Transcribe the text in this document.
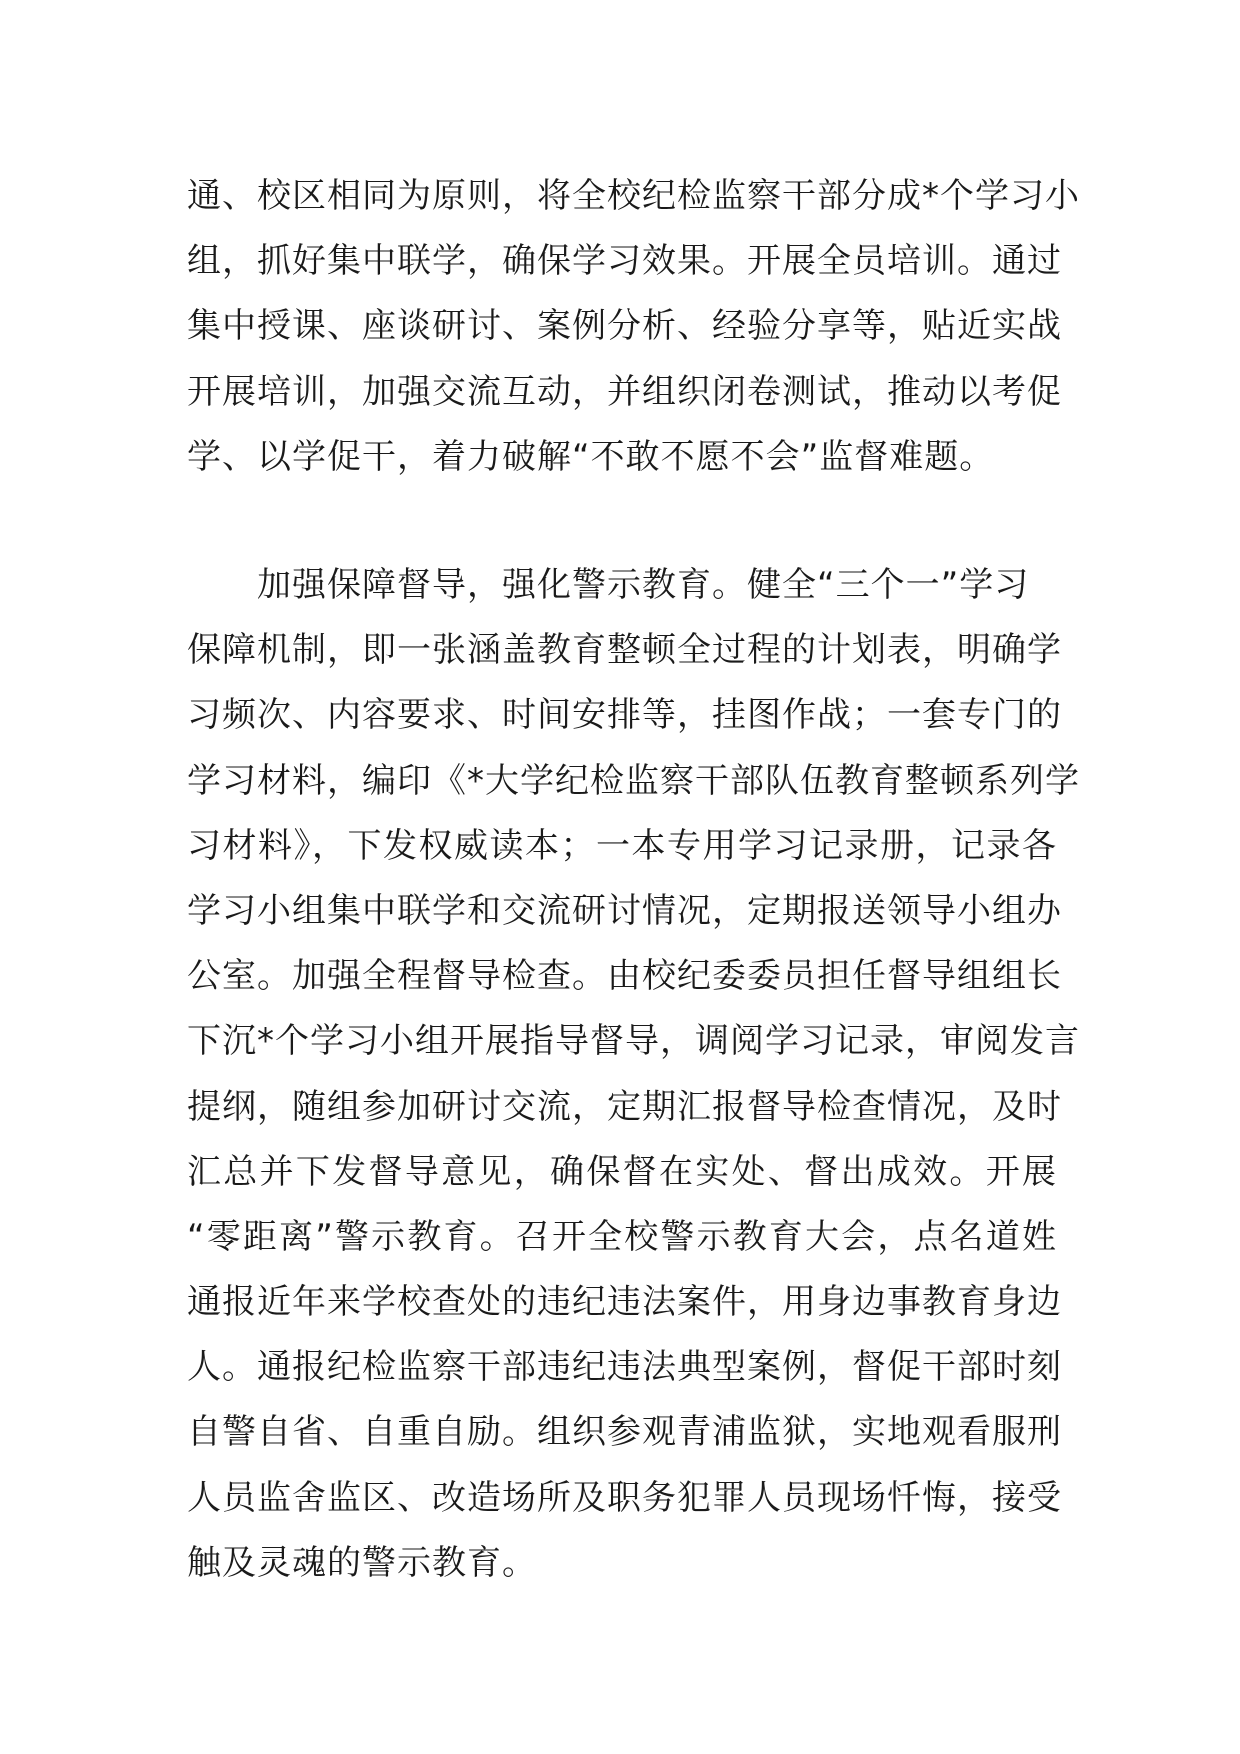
通、校区相同为原则，将全校纪检监察干部分成*个学习小
组，抓好集中联学，确保学习效果。开展全员培训。通过
集中授课、座谈研讨、案例分析、经验分享等，贴近实战
开展培训，加强交流互动，并组织闭卷测试，推动以考促
学、以学促干，着力破解“不敢不愿不会”监督难题。
　　加强保障督导，强化警示教育。健全“三个一”学习
保障机制，即一张涵盖教育整顿全过程的计划表，明确学
习频次、内容要求、时间安排等，挂图作战；一套专门的
学习材料，编印《*大学纪检监察干部队伍教育整顿系列学
习材料》，下发权威读本；一本专用学习记录册，记录各
学习小组集中联学和交流研讨情况，定期报送领导小组办
公室。加强全程督导检查。由校纪委委员担任督导组组长
下沉*个学习小组开展指导督导，调阅学习记录，审阅发言
提纲，随组参加研讨交流，定期汇报督导检查情况，及时
汇总并下发督导意见，确保督在实处、督出成效。开展
“零距离”警示教育。召开全校警示教育大会，点名道姓
通报近年来学校查处的违纪违法案件，用身边事教育身边
人。通报纪检监察干部违纪违法典型案例，督促干部时刻
自警自省、自重自励。组织参观青浦监狱，实地观看服刑
人员监舍监区、改造场所及职务犯罪人员现场忏悔，接受
触及灵魂的警示教育。
